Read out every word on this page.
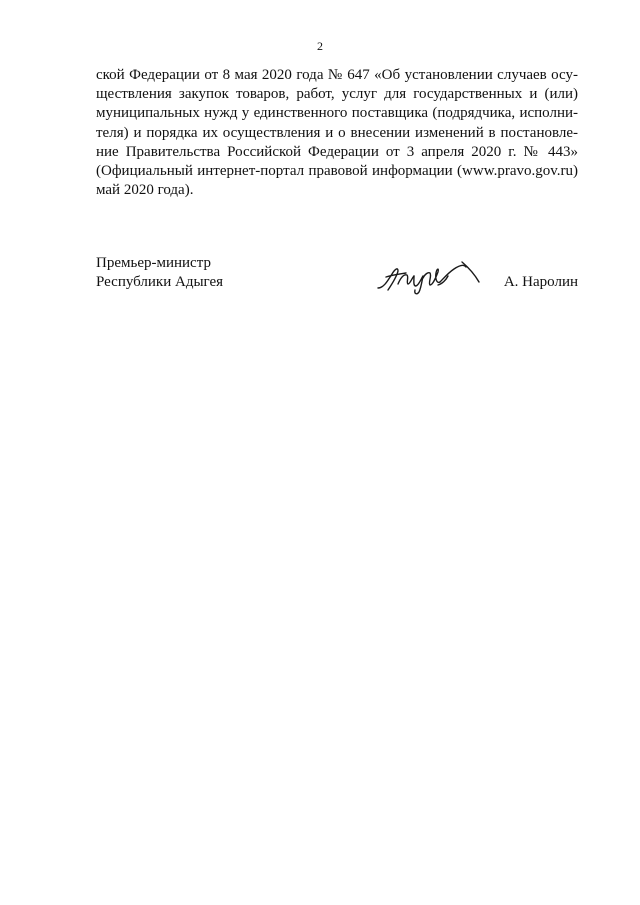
2
ской Федерации от 8 мая 2020 года № 647 «Об установлении случаев осу-
ществления закупок товаров, работ, услуг для государственных и (или)
муниципальных нужд у единственного поставщика (подрядчика, исполни-
теля) и порядка их осуществления и о внесении изменений в постановле-
ние Правительства Российской Федерации от 3 апреля 2020 г. № 443»
(Официальный интернет-портал правовой информации (www.pravo.gov.ru)
май 2020 года).
Премьер-министр
Республики Адыгея	А. Наролин
